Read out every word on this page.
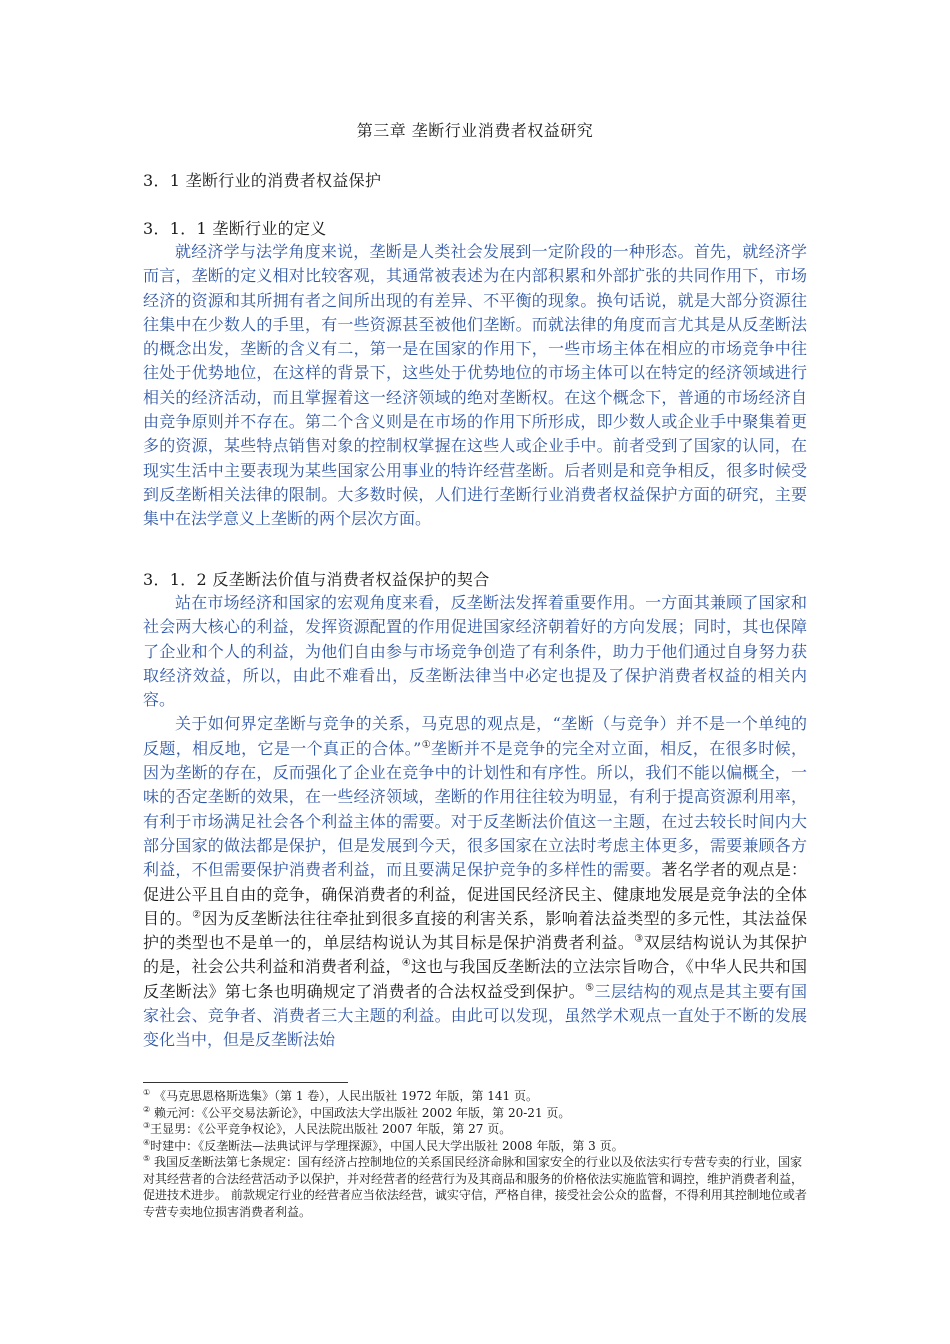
第三章 垄断行业消费者权益研究
3．1 垄断行业的消费者权益保护
3．1．1 垄断行业的定义

就经济学与法学角度来说，垄断是人类社会发展到一定阶段的一种形态。首先，就经济学而言，垄断的定义相对比较客观，其通常被表述为在内部积累和外部扩张的共同作用下，市场经济的资源和其所拥有者之间所出现的有差异、不平衡的现象。换句话说，就是大部分资源往往集中在少数人的手里，有一些资源甚至被他们垄断。而就法律的角度而言尤其是从反垄断法的概念出发，垄断的含义有二，第一是在国家的作用下，一些市场主体在相应的市场竞争中往往处于优势地位，在这样的背景下，这些处于优势地位的市场主体可以在特定的经济领域进行相关的经济活动，而且掌握着这一经济领域的绝对垄断权。在这个概念下，普通的市场经济自由竞争原则并不存在。第二个含义则是在市场的作用下所形成，即少数人或企业手中聚集着更多的资源，某些特点销售对象的控制权掌握在这些人或企业手中。前者受到了国家的认同，在现实生活中主要表现为某些国家公用事业的特许经营垄断。后者则是和竞争相反，很多时候受到反垄断相关法律的限制。大多数时候，人们进行垄断行业消费者权益保护方面的研究，主要集中在法学意义上垄断的两个层次方面。

3．1．2 反垄断法价值与消费者权益保护的契合

站在市场经济和国家的宏观角度来看，反垄断法发挥着重要作用。一方面其兼顾了国家和社会两大核心的利益，发挥资源配置的作用促进国家经济朝着好的方向发展；同时，其也保障了企业和个人的利益，为他们自由参与市场竞争创造了有利条件，助力于他们通过自身努力获取经济效益，所以，由此不难看出，反垄断法律当中必定也提及了保护消费者权益的相关内容。

关于如何界定垄断与竞争的关系，马克思的观点是，“垄断（与竞争）并不是一个单纯的反题，相反地，它是一个真正的合体。”①垄断并不是竞争的完全对立面，相反，在很多时候，因为垄断的存在，反而强化了企业在竞争中的计划性和有序性。所以，我们不能以偏概全，一味的否定垄断的效果，在一些经济领域，垄断的作用往往较为明显，有利于提高资源利用率，有利于市场满足社会各个利益主体的需要。对于反垄断法价值这一主题，在过去较长时间内大部分国家的做法都是保护，但是发展到今天，很多国家在立法时考虑主体更多，需要兼顾各方利益，不但需要保护消费者利益，而且要满足保护竞争的多样性的需要。著名学者的观点是：促进公平且自由的竞争，确保消费者的利益，促进国民经济民主、健康地发展是竞争法的全体目的。②因为反垄断法往往牵扯到很多直接的利害关系，影响着法益类型的多元性，其法益保护的类型也不是单一的，单层结构说认为其目标是保护消费者利益。③双层结构说认为其保护的是，社会公共利益和消费者利益，④这也与我国反垄断法的立法宗旨吻合，《中华人民共和国反垄断法》第七条也明确规定了消费者的合法权益受到保护。⑤三层结构的观点是其主要有国家社会、竞争者、消费者三大主题的利益。由此可以发现，虽然学术观点一直处于不断的发展变化当中，但是反垄断法始

① 《马克思恩格斯选集》（第 1 卷），人民出版社 1972 年版，第 141 页。

② 赖元河：《公平交易法新论》，中国政法大学出版社 2002 年版，第 20-21 页。

③王显男：《公平竞争权论》，人民法院出版社 2007 年版，第 27 页。

④时建中：《反垄断法—法典试评与学理探源》，中国人民大学出版社 2008 年版，第 3 页。

⑤ 我国反垄断法第七条规定：国有经济占控制地位的关系国民经济命脉和国家安全的行业以及依法实行专营专卖的行业，国家对其经营者的合法经营活动予以保护，并对经营者的经营行为及其商品和服务的价格依法实施监管和调控，维护消费者利益，促进技术进步。 前款规定行业的经营者应当依法经营，诚实守信，严格自律，接受社会公众的监督，不得利用其控制地位或者专营专卖地位损害消费者利益。
